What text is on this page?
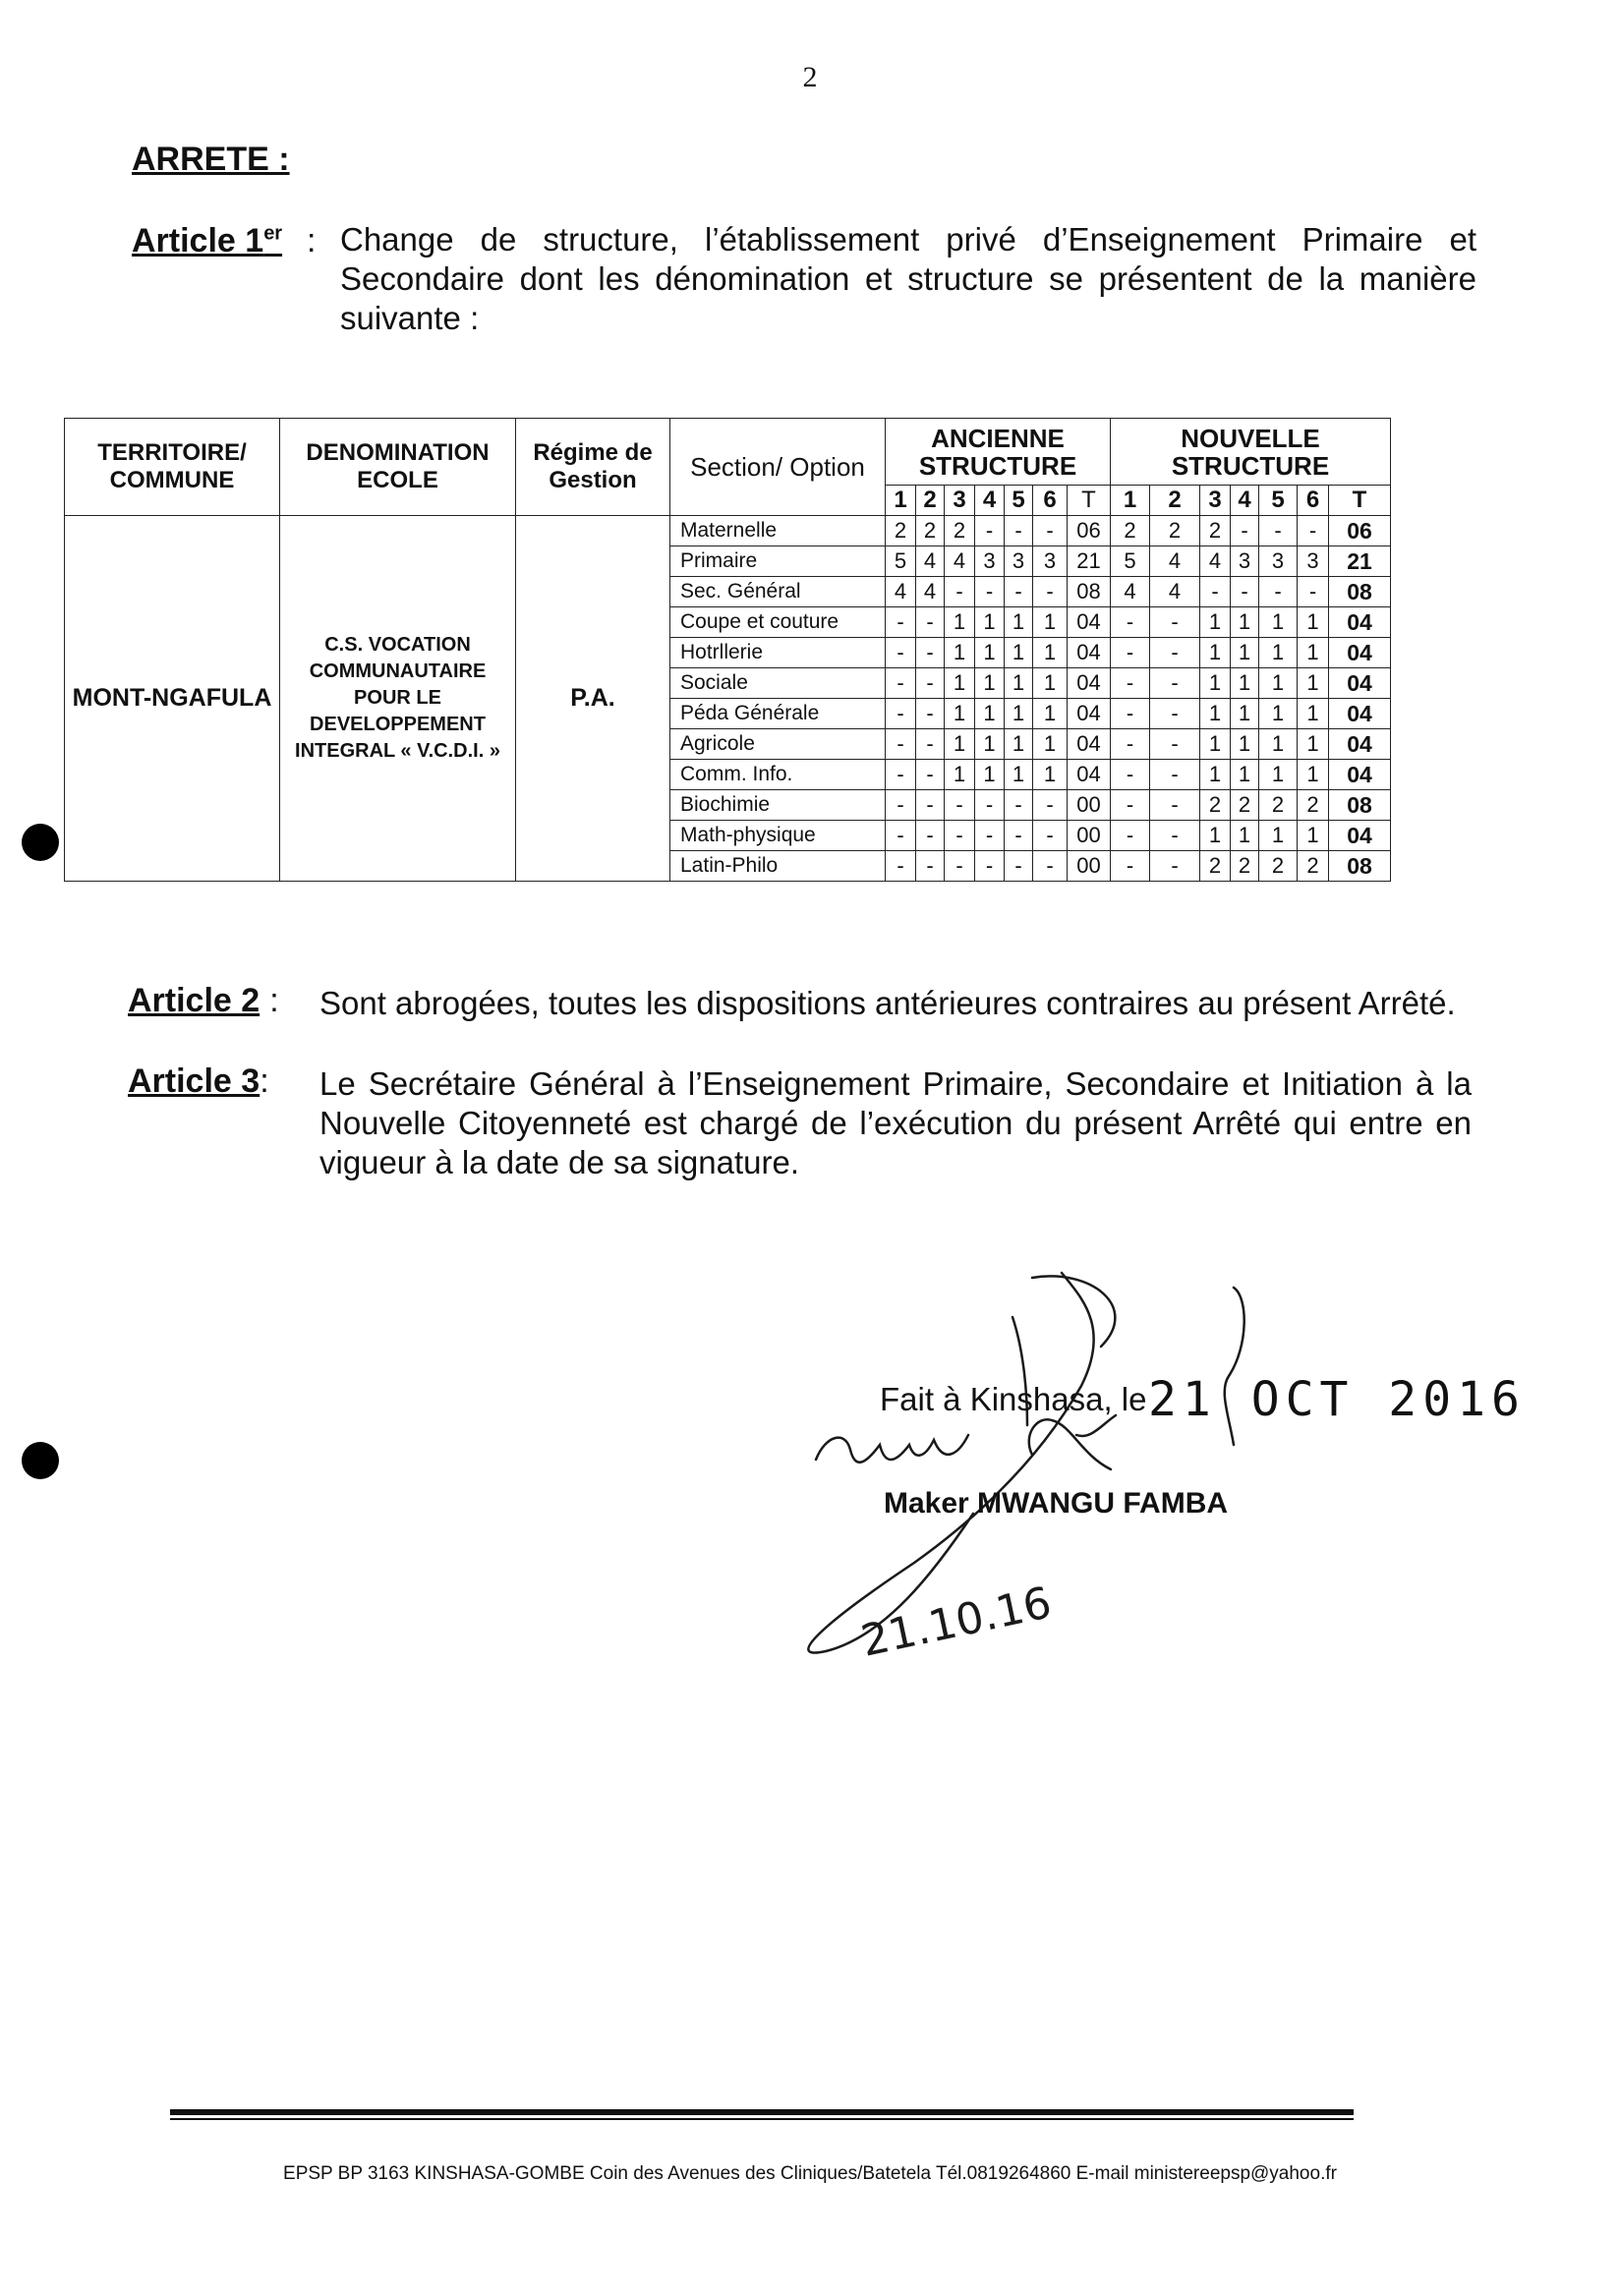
2
ARRETE :
Article 1er : Change de structure, l’établissement privé d’Enseignement Primaire et Secondaire dont les dénomination et structure se présentent de la manière suivante :
TERRITOIRE/ COMMUNE	DENOMINATION ECOLE	Régime de Gestion	Section/ Option	ANCIENNE STRUCTURE							NOUVELLE STRUCTURE						
				1	2	3	4	5	6	T	1	2	3	4	5	6	T
MONT-NGAFULA	C.S. VOCATION COMMUNAUTAIRE POUR LE DEVELOPPEMENT INTEGRAL « V.C.D.I. »	P.A.	Maternelle	2	2	2	-	-	-	06	2	2	2	-	-	-	06
			Primaire	5	4	4	3	3	3	21	5	4	4	3	3	3	21
			Sec. Général	4	4	-	-	-	-	08	4	4	-	-	-	-	08
			Coupe et couture	-	-	1	1	1	1	04	-	-	1	1	1	1	04
			Hotrllerie	-	-	1	1	1	1	04	-	-	1	1	1	1	04
			Sociale	-	-	1	1	1	1	04	-	-	1	1	1	1	04
			Péda Générale	-	-	1	1	1	1	04	-	-	1	1	1	1	04
			Agricole	-	-	1	1	1	1	04	-	-	1	1	1	1	04
			Comm. Info.	-	-	1	1	1	1	04	-	-	1	1	1	1	04
			Biochimie	-	-	-	-	-	-	00	-	-	2	2	2	2	08
			Math-physique	-	-	-	-	-	-	00	-	-	1	1	1	1	04
			Latin-Philo	-	-	-	-	-	-	00	-	-	2	2	2	2	08
Article 2 : Sont abrogées, toutes les dispositions antérieures contraires au présent Arrêté.
Article 3: Le Secrétaire Général à l’Enseignement Primaire, Secondaire et Initiation à la Nouvelle Citoyenneté est chargé de l’exécution du présent Arrêté qui entre en vigueur à la date de sa signature.
21.10.16
Fait à Kinshasa, le 21 OCT 2016
Maker MWANGU FAMBA
EPSP BP 3163 KINSHASA-GOMBE Coin des Avenues des Cliniques/Batetela Tél.0819264860 E-mail ministereepsp@yahoo.fr
